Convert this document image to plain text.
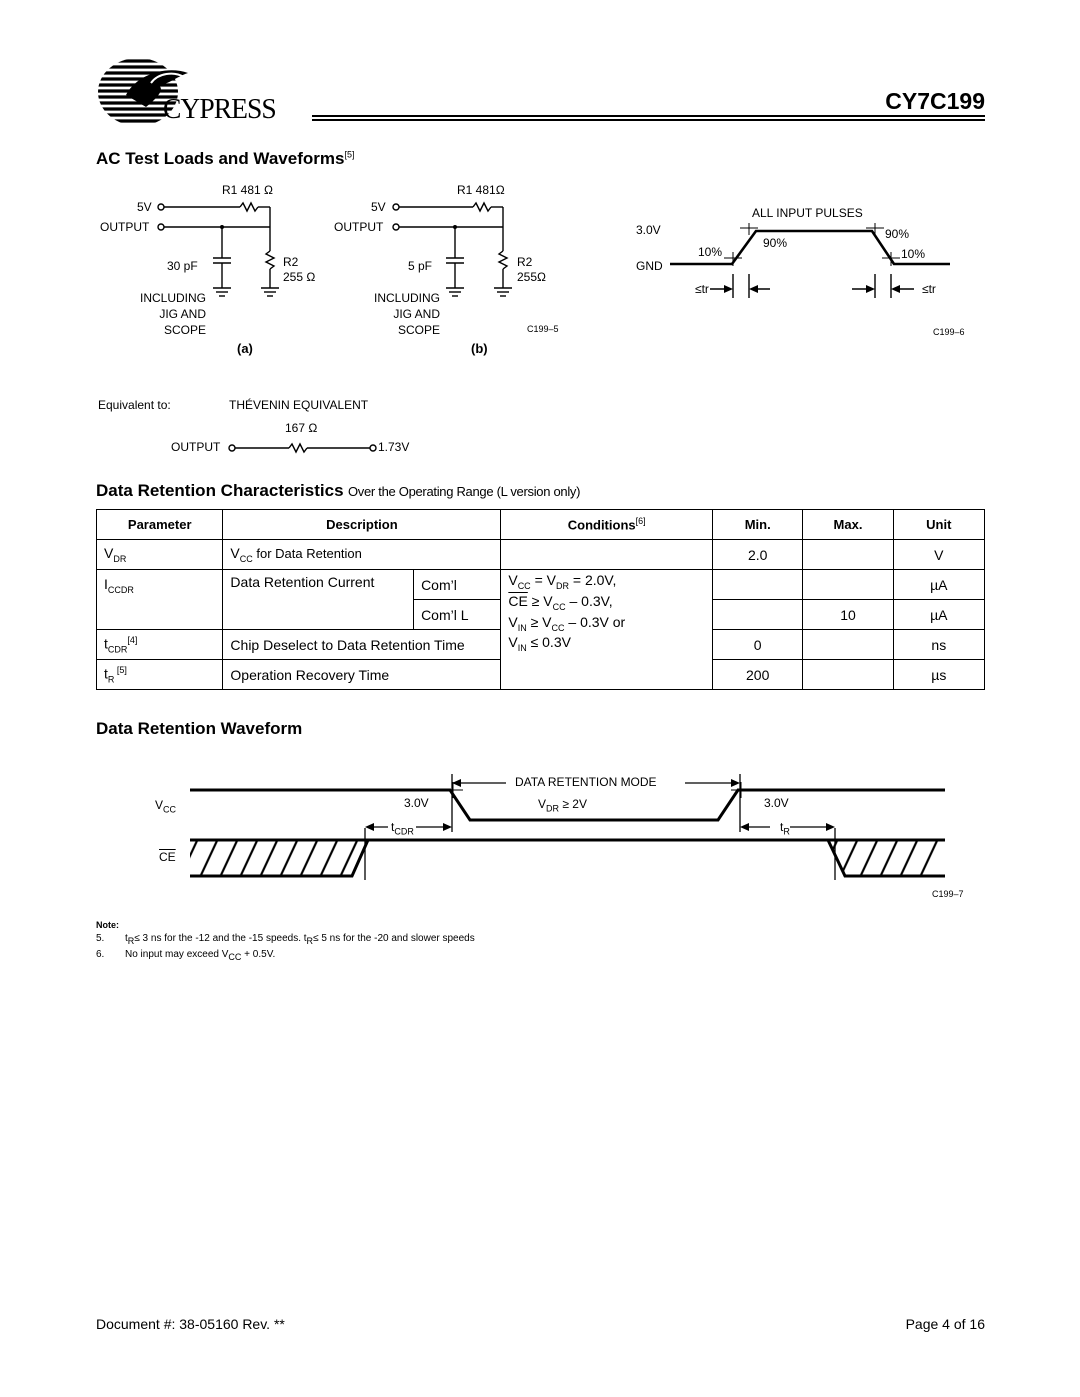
CYPRESS	CY7C199
AC Test Loads and Waveforms[5]
R1 481 Ω
5V
OUTPUT
30 pF	R2
255 Ω
INCLUDING
JIG AND
SCOPE
(a)
R1 481Ω
5V
OUTPUT
5 pF	R2
255Ω
INCLUDING
JIG AND
SCOPE
(b)
C199–5
ALL INPUT PULSES
3.0V
GND
10%
90%
90%
10%
≤tr	≤tr
C199–6
Equivalent to:	THÉVENIN EQUIVALENT
167 Ω
OUTPUT	1.73V
Data Retention Characteristics Over the Operating Range (L version only)
Parameter	Description		Conditions[6]	Min.	Max.	Unit
$V_{DR}$	$V_{CC}$ for Data Retention			2.0		V
$I_{CCDR}$	Data Retention Current	Com’l	$V_{CC} = V_{DR} = 2.0V$,
$\overline{CE} \ge V_{CC} - 0.3V$,
$V_{IN} \ge V_{CC} - 0.3V$ or
$V_{IN} \le 0.3V$			µA
		Com’l L			10	µA
$t_{CDR}[4]$	Chip Deselect to Data Retention Time			0		ns
$t_R$ [5]	Operation Recovery Time			200		µs
Data Retention Waveform
$V_{CC}$
$\overline{CE}$
DATA RETENTION MODE
3.0V	3.0V
$V_{DR} \ge 2V$
$t_{CDR}$	$t_R$
C199–7
Note:
5.	$t_R\le 3$ ns for the -12 and the -15 speeds. $t_R\le 5$ ns for the -20 and slower speeds
6.	No input may exceed $V_{CC} + 0.5V$.
Document #: 38-05160 Rev. **	Page 4 of 16
